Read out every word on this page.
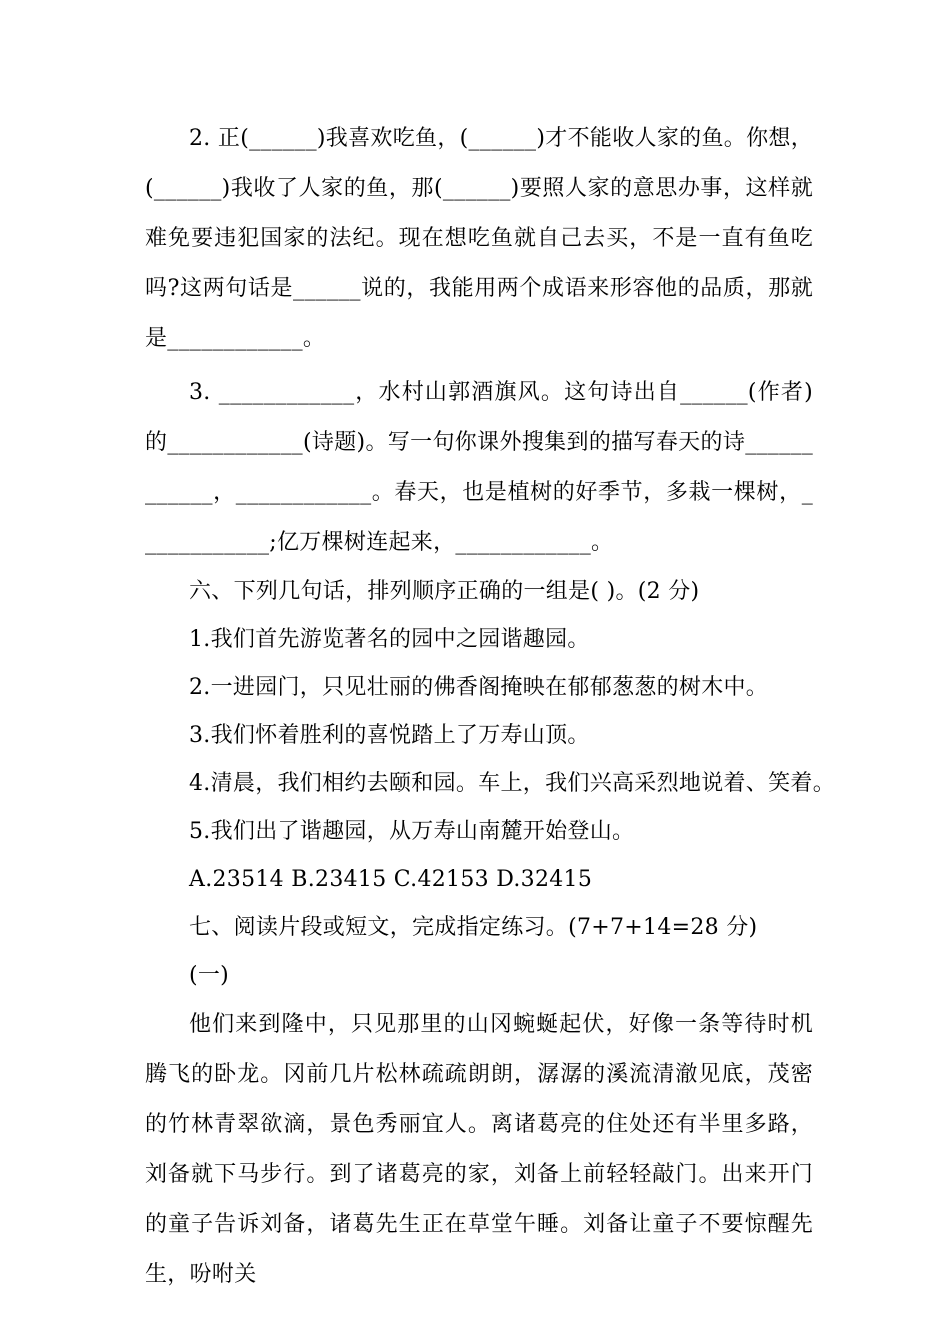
2. 正(______)我喜欢吃鱼，(______)才不能收人家的鱼。你想，(______)我收了人家的鱼，那(______)要照人家的意思办事，这样就难免要违犯国家的法纪。现在想吃鱼就自己去买，不是一直有鱼吃吗?这两句话是______说的，我能用两个成语来形容他的品质，那就是____________。

3. ____________，水村山郭酒旗风。这句诗出自______(作者)的____________(诗题)。写一句你课外搜集到的描写春天的诗____________，____________。春天，也是植树的好季节，多栽一棵树，____________;亿万棵树连起来，____________。

六、下列几句话，排列顺序正确的一组是( )。(2 分)

1.我们首先游览著名的园中之园谐趣园。

2.一进园门，只见壮丽的佛香阁掩映在郁郁葱葱的树木中。

3.我们怀着胜利的喜悦踏上了万寿山顶。

4.清晨，我们相约去颐和园。车上，我们兴高采烈地说着、笑着。

5.我们出了谐趣园，从万寿山南麓开始登山。

A.23514 B.23415 C.42153 D.32415

七、阅读片段或短文，完成指定练习。(7+7+14=28 分)

(一)

他们来到隆中，只见那里的山冈蜿蜒起伏，好像一条等待时机腾飞的卧龙。冈前几片松林疏疏朗朗，潺潺的溪流清澈见底，茂密的竹林青翠欲滴，景色秀丽宜人。离诸葛亮的住处还有半里多路，刘备就下马步行。到了诸葛亮的家，刘备上前轻轻敲门。出来开门的童子告诉刘备，诸葛先生正在草堂午睡。刘备让童子不要惊醒先生，吩咐关
